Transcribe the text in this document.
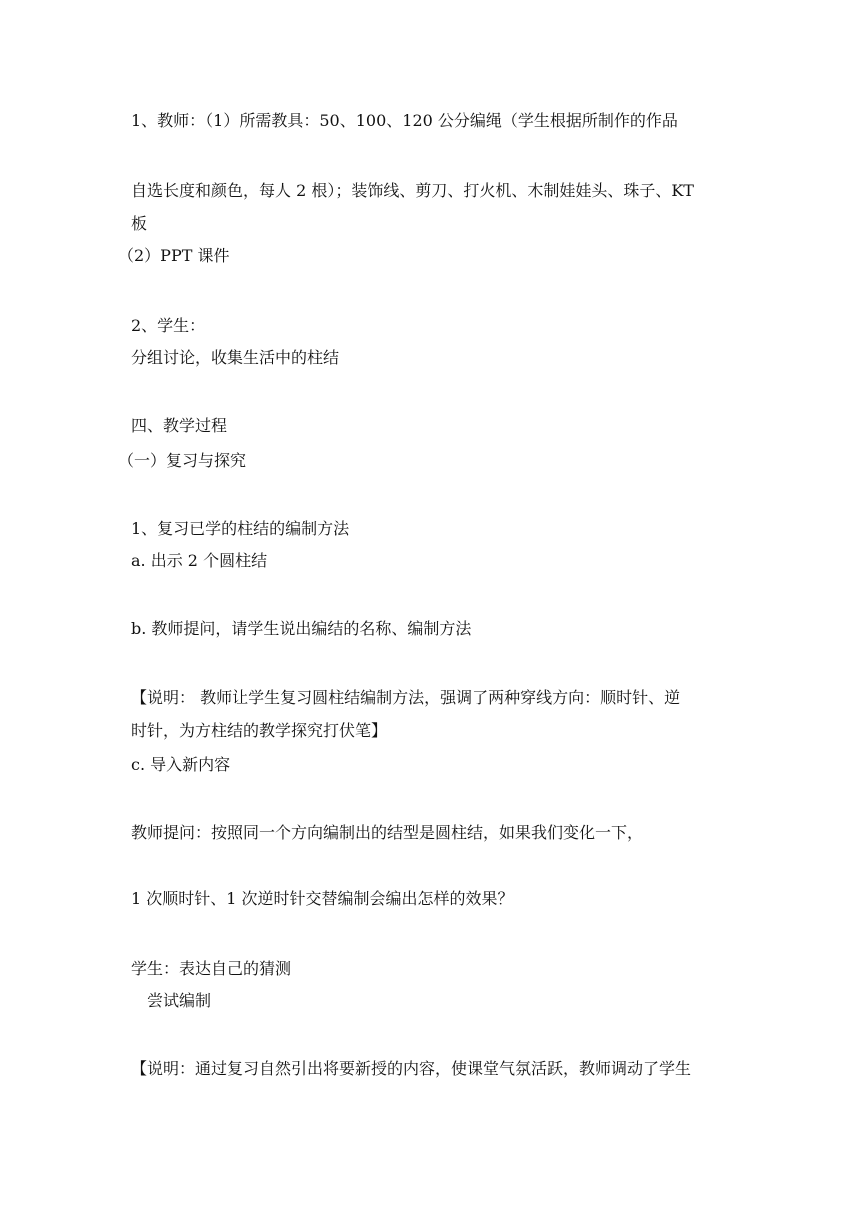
1、教师：（1）所需教具：50、100、120 公分编绳（学生根据所制作的作品
自选长度和颜色，每人 2 根）；装饰线、剪刀、打火机、木制娃娃头、珠子、KT
板
（2）PPT 课件
2、学生：
分组讨论，收集生活中的柱结
四、教学过程
（一）复习与探究
1、复习已学的柱结的编制方法
a. 出示 2 个圆柱结
b. 教师提问，请学生说出编结的名称、编制方法
【说明： 教师让学生复习圆柱结编制方法，强调了两种穿线方向：顺时针、逆
时针，为方柱结的教学探究打伏笔】
c. 导入新内容
教师提问：按照同一个方向编制出的结型是圆柱结，如果我们变化一下，
1 次顺时针、1 次逆时针交替编制会编出怎样的效果？
学生：表达自己的猜测
尝试编制
【说明：通过复习自然引出将要新授的内容，使课堂气氛活跃，教师调动了学生
